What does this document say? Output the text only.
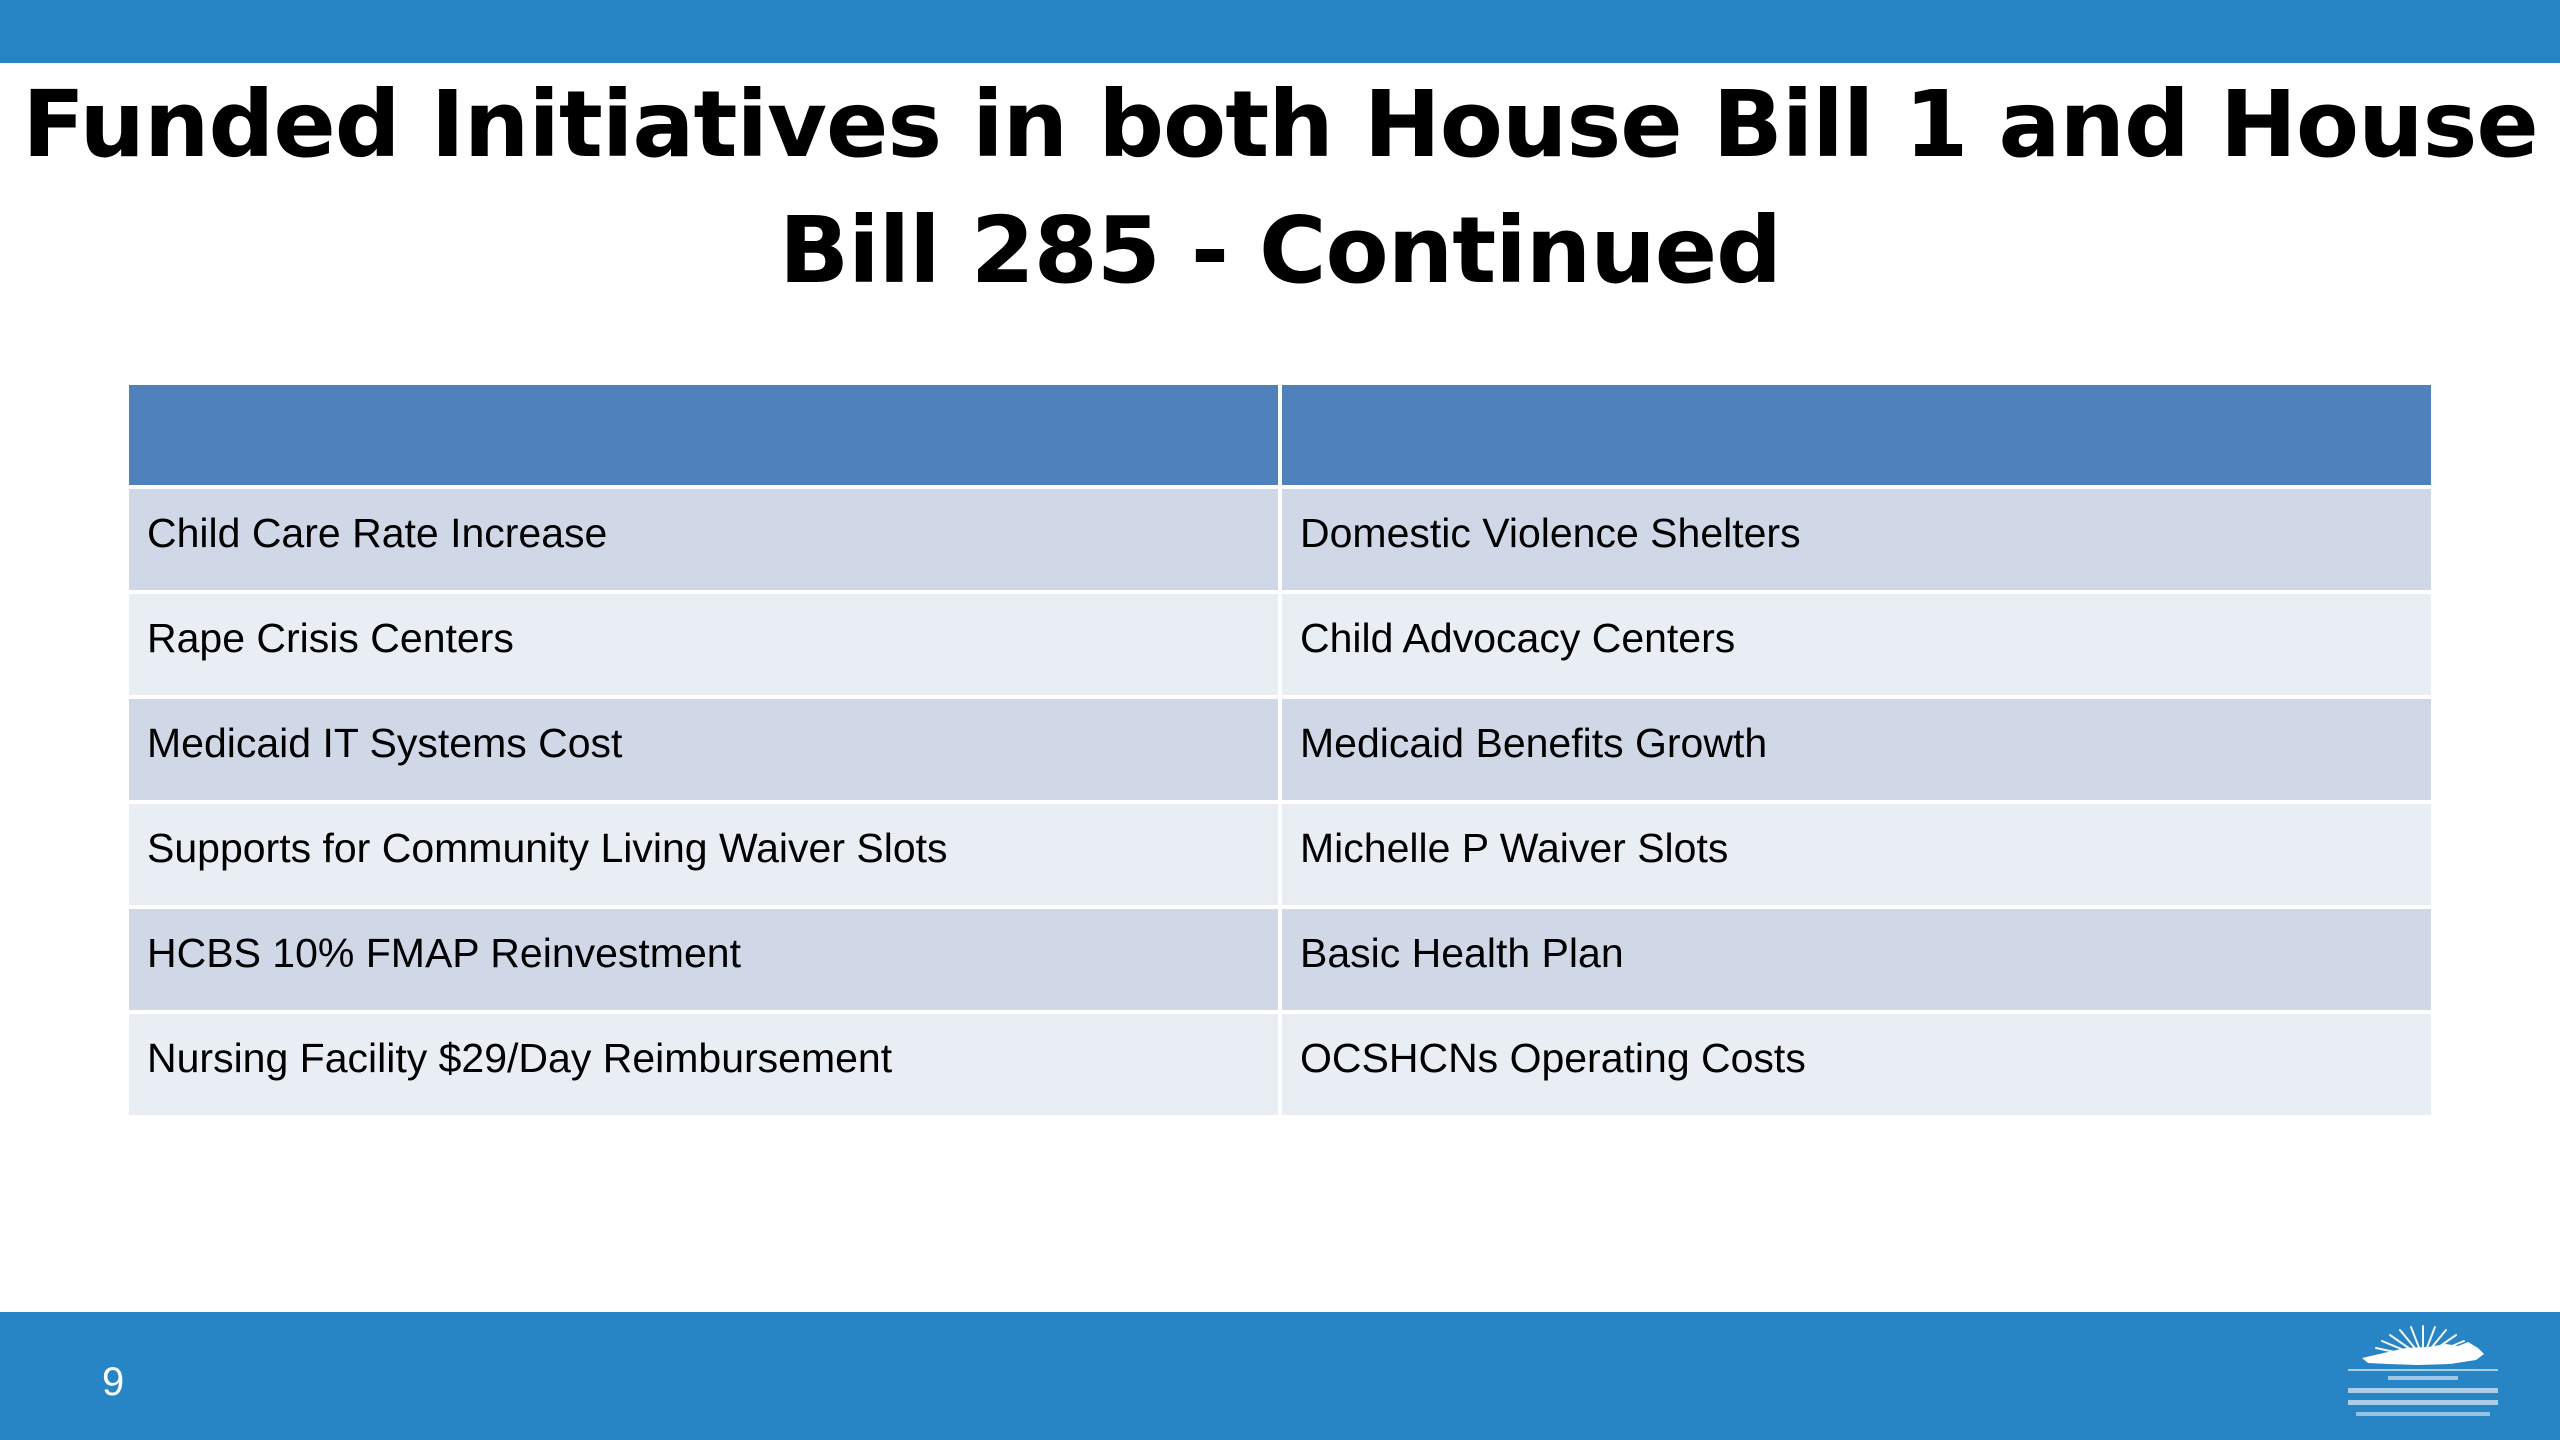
Funded Initiatives in both House Bill 1 and House
Bill 285 - Continued
Child Care Rate Increase	Domestic Violence Shelters
Rape Crisis Centers	Child Advocacy Centers
Medicaid IT Systems Cost	Medicaid Benefits Growth
Supports for Community Living Waiver Slots	Michelle P Waiver Slots
HCBS 10% FMAP Reinvestment	Basic Health Plan
Nursing Facility $29/Day Reimbursement	OCSHCNs Operating Costs
9
